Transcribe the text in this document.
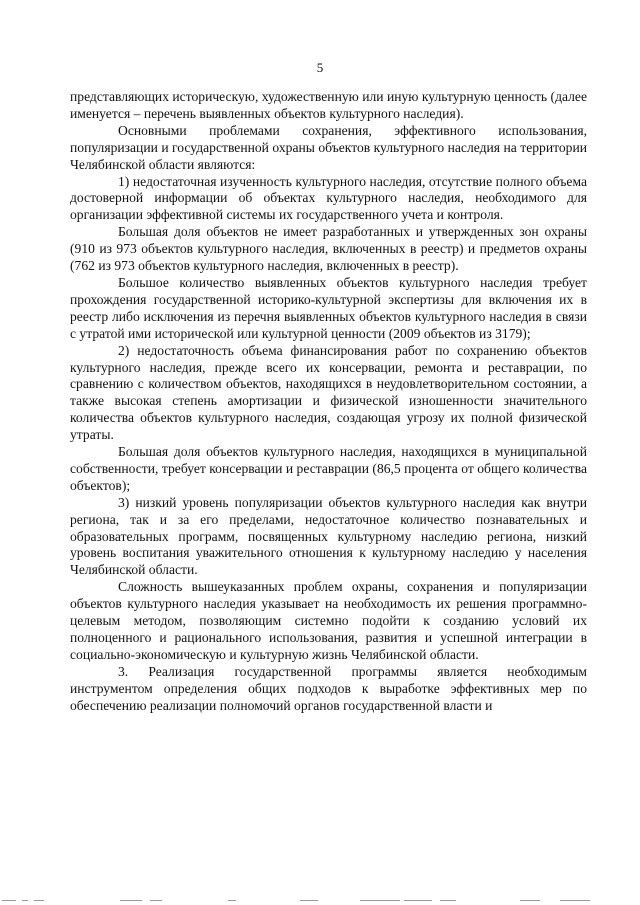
5

представляющих историческую, художественную или иную культурную ценность (далее именуется – перечень выявленных объектов культурного наследия).

Основными проблемами сохранения, эффективного использования, популяризации и государственной охраны объектов культурного наследия на территории Челябинской области являются:

1) недостаточная изученность культурного наследия, отсутствие полного объема достоверной информации об объектах культурного наследия, необходимого для организации эффективной системы их государственного учета и контроля.

Большая доля объектов не имеет разработанных и утвержденных зон охраны (910 из 973 объектов культурного наследия, включенных в реестр) и предметов охраны (762 из 973 объектов культурного наследия, включенных в реестр).

Большое количество выявленных объектов культурного наследия требует прохождения государственной историко-культурной экспертизы для включения их в реестр либо исключения из перечня выявленных объектов культурного наследия в связи с утратой ими исторической или культурной ценности (2009 объектов из 3179);

2) недостаточность объема финансирования работ по сохранению объектов культурного наследия, прежде всего их консервации, ремонта и реставрации, по сравнению с количеством объектов, находящихся в неудовлетворительном состоянии, а также высокая степень амортизации и физической изношенности значительного количества объектов культурного наследия, создающая угрозу их полной физической утраты.

Большая доля объектов культурного наследия, находящихся в муниципальной собственности, требует консервации и реставрации (86,5 процента от общего количества объектов);

3) низкий уровень популяризации объектов культурного наследия как внутри региона, так и за его пределами, недостаточное количество познавательных и образовательных программ, посвященных культурному наследию региона, низкий уровень воспитания уважительного отношения к культурному наследию у населения Челябинской области.

Сложность вышеуказанных проблем охраны, сохранения и популяризации объектов культурного наследия указывает на необходимость их решения программно-целевым методом, позволяющим системно подойти к созданию условий их полноценного и рационального использования, развития и успешной интеграции в социально-экономическую и культурную жизнь Челябинской области.

3. Реализация государственной программы является необходимым инструментом определения общих подходов к выработке эффективных мер по обеспечению реализации полномочий органов государственной власти и
